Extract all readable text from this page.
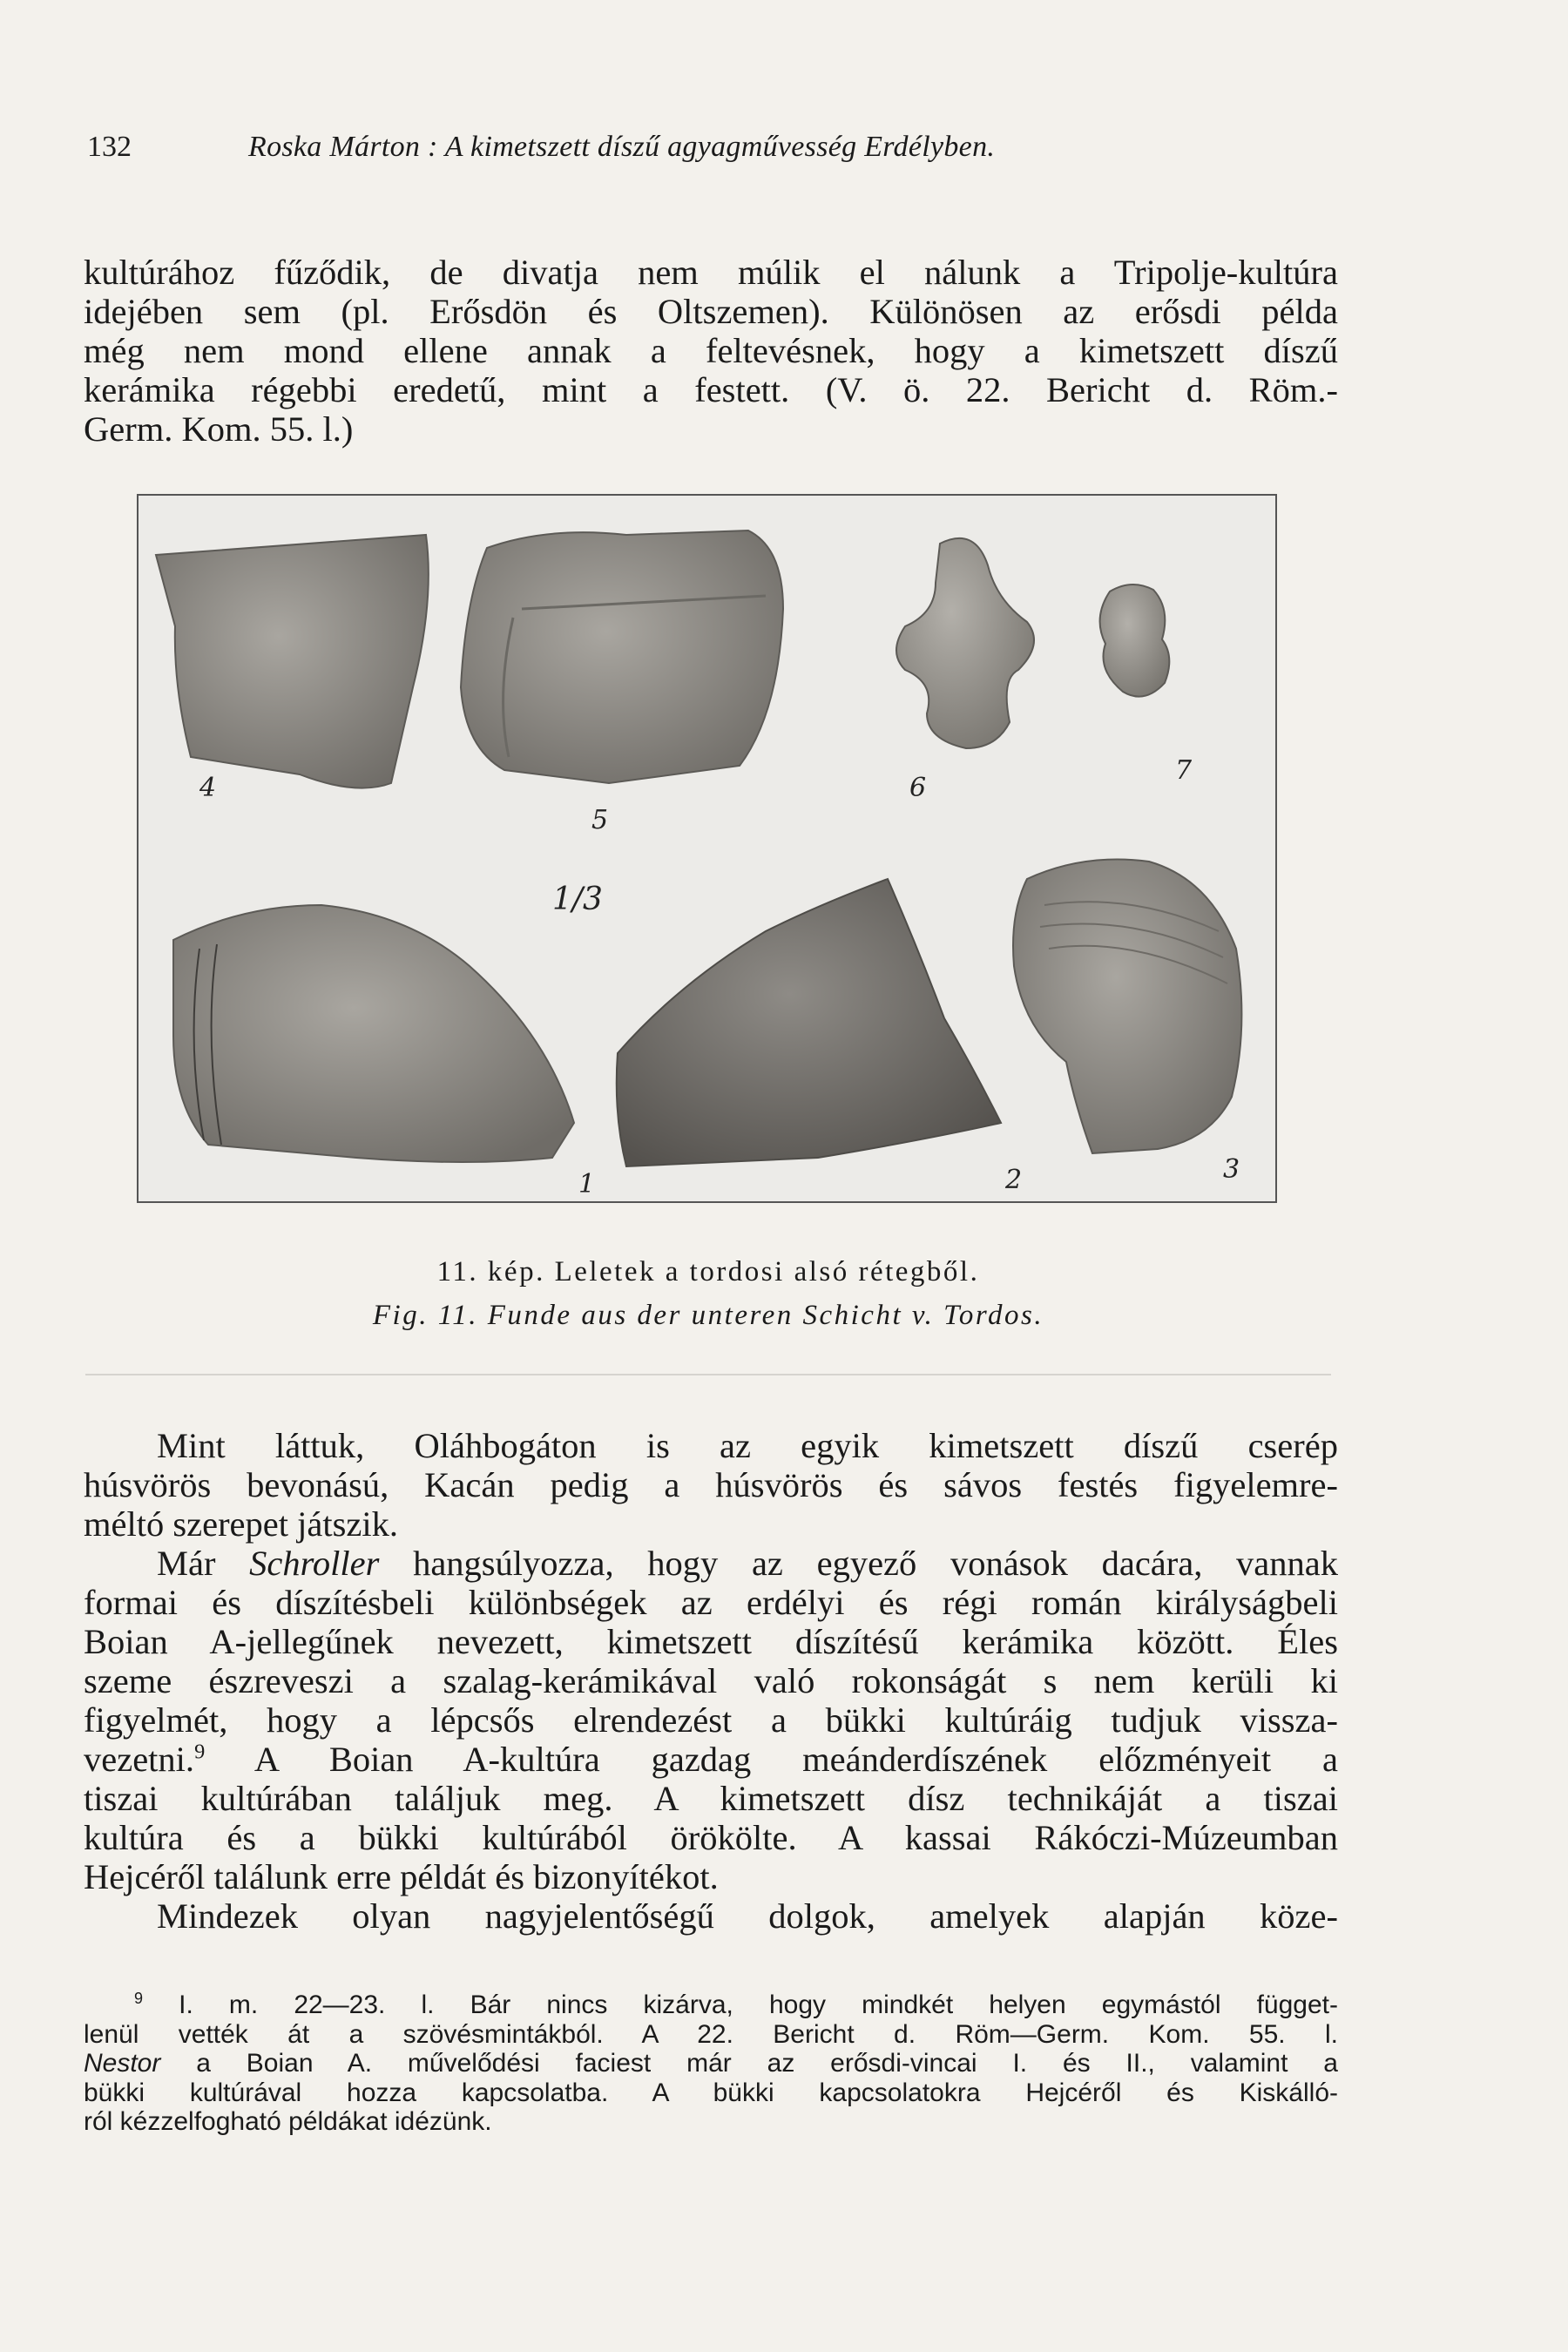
132	Roska Márton : A kimetszett díszű agyagművesség Erdélyben.
kultúrához fűződik, de divatja nem múlik el nálunk a Tripolje-kultúra
idejében sem (pl. Erősdön és Oltszemen). Különösen az erősdi példa
még nem mond ellene annak a feltevésnek, hogy a kimetszett díszű
kerámika régebbi eredetű, mint a festett. (V. ö. 22. Bericht d. Röm.-
Germ. Kom. 55. l.)
4
5
6
7
1/3
1	2	3
11. kép. Leletek a tordosi alsó rétegből.
Fig. 11. Funde aus der unteren Schicht v. Tordos.
Mint láttuk, Oláhbogáton is az egyik kimetszett díszű cserép
húsvörös bevonású, Kacán pedig a húsvörös és sávos festés figyelemre-
méltó szerepet játszik.
Már Schroller hangsúlyozza, hogy az egyező vonások dacára, vannak
formai és díszítésbeli különbségek az erdélyi és régi román királyságbeli
Boian A-jellegűnek nevezett, kimetszett díszítésű kerámika között. Éles
szeme észreveszi a szalag-kerámikával való rokonságát s nem kerüli ki
figyelmét, hogy a lépcsős elrendezést a bükki kultúráig tudjuk vissza-
vezetni.$^9$ A Boian A-kultúra gazdag meánderdíszének előzményeit a
tiszai kultúrában találjuk meg. A kimetszett dísz technikáját a tiszai
kultúra és a bükki kultúrából örökölte. A kassai Rákóczi-Múzeumban
Hejcéről találunk erre példát és bizonyítékot.
Mindezek olyan nagyjelentőségű dolgok, amelyek alapján köze-
$^9$ I. m. 22—23. l. Bár nincs kizárva, hogy mindkét helyen egymástól függet-
lenül vették át a szövésmintákból. A 22. Bericht d. Röm—Germ. Kom. 55. l.
Nestor a Boian A. művelődési faciest már az erősdi-vincai I. és II., valamint a
bükki kultúrával hozza kapcsolatba. A bükki kapcsolatokra Hejcéről és Kiskálló-
ról kézzelfogható példákat idézünk.
